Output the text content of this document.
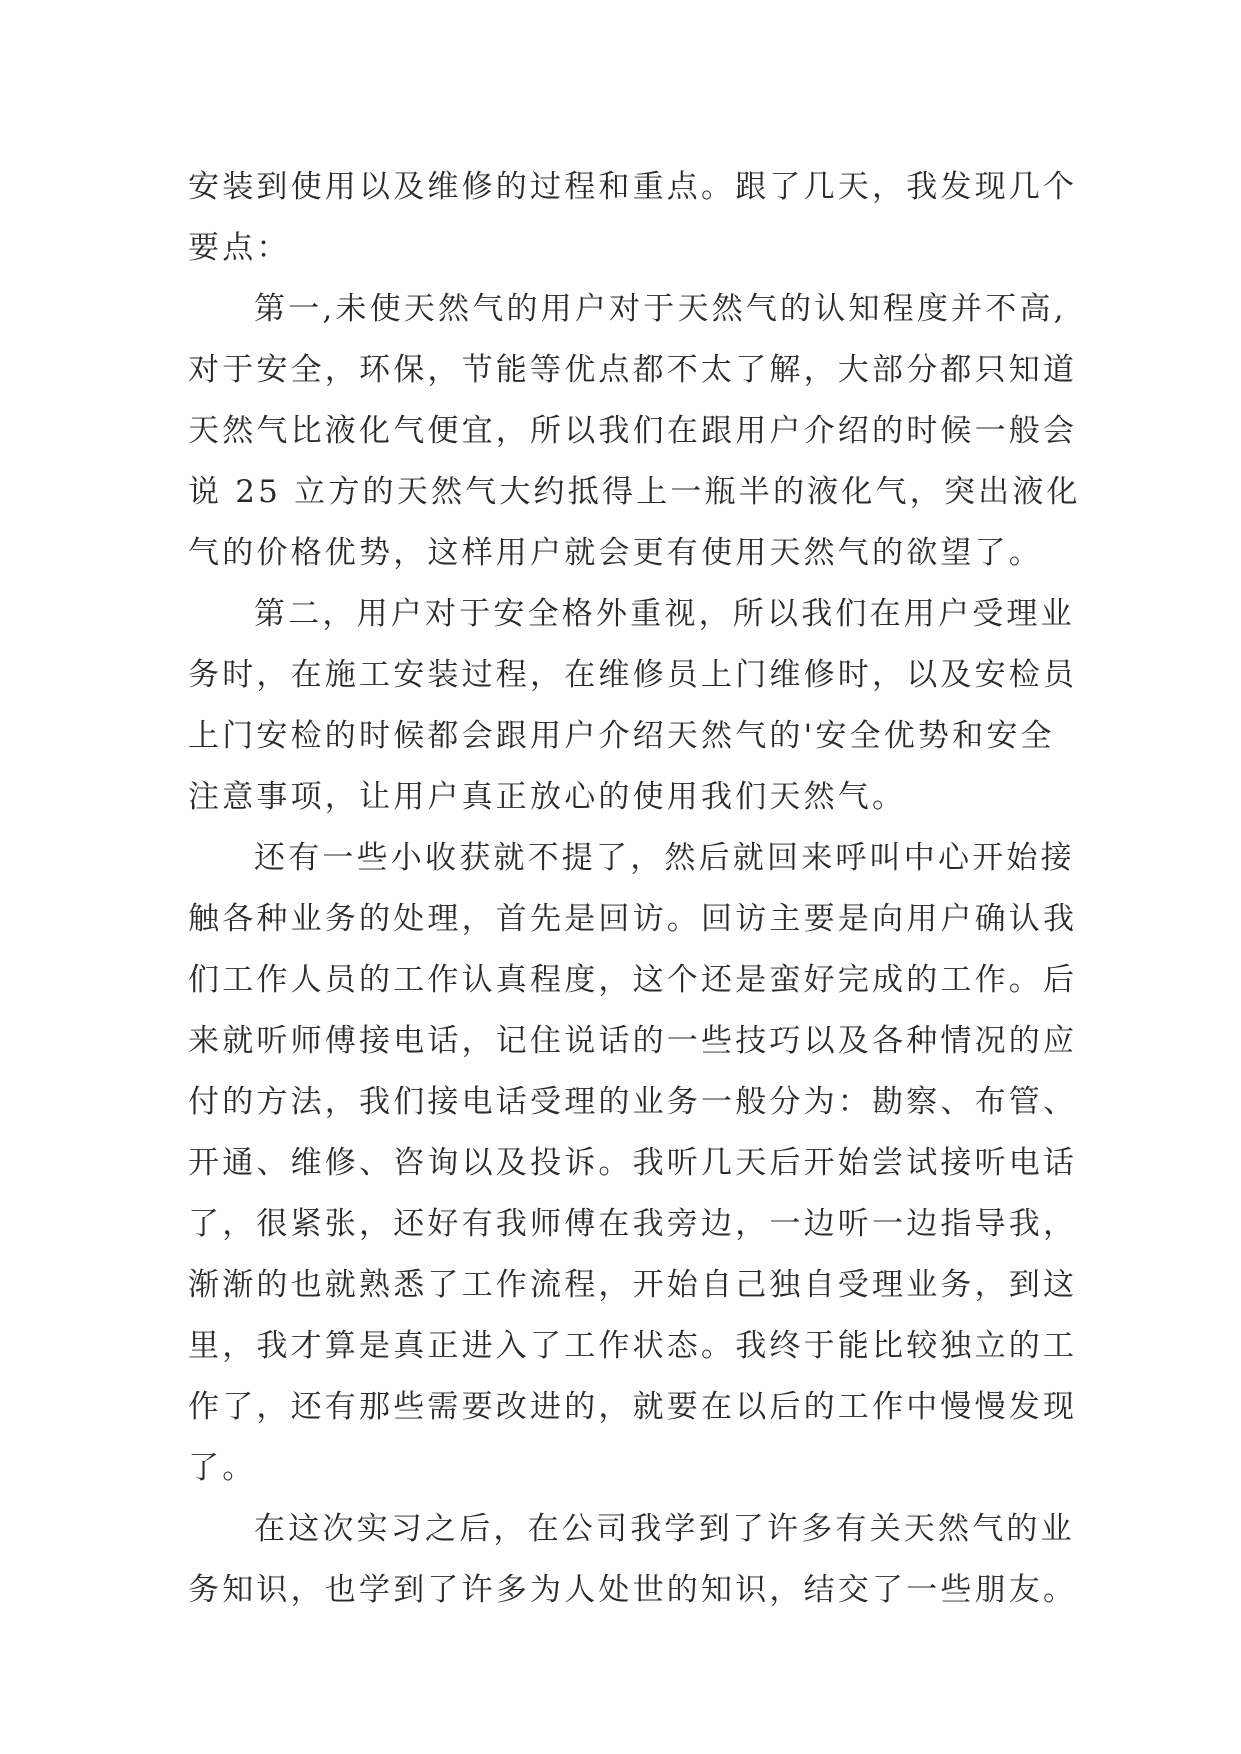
安装到使用以及维修的过程和重点。跟了几天，我发现几个
要点：
第一,未使天然气的用户对于天然气的认知程度并不高,
对于安全，环保，节能等优点都不太了解，大部分都只知道
天然气比液化气便宜，所以我们在跟用户介绍的时候一般会
说 25 立方的天然气大约抵得上一瓶半的液化气，突出液化
气的价格优势，这样用户就会更有使用天然气的欲望了。
第二，用户对于安全格外重视，所以我们在用户受理业
务时，在施工安装过程，在维修员上门维修时，以及安检员
上门安检的时候都会跟用户介绍天然气的'安全优势和安全
注意事项，让用户真正放心的使用我们天然气。
还有一些小收获就不提了，然后就回来呼叫中心开始接
触各种业务的处理，首先是回访。回访主要是向用户确认我
们工作人员的工作认真程度，这个还是蛮好完成的工作。后
来就听师傅接电话，记住说话的一些技巧以及各种情况的应
付的方法，我们接电话受理的业务一般分为：勘察、布管、
开通、维修、咨询以及投诉。我听几天后开始尝试接听电话
了，很紧张，还好有我师傅在我旁边，一边听一边指导我，
渐渐的也就熟悉了工作流程，开始自己独自受理业务，到这
里，我才算是真正进入了工作状态。我终于能比较独立的工
作了，还有那些需要改进的，就要在以后的工作中慢慢发现
了。
在这次实习之后，在公司我学到了许多有关天然气的业
务知识，也学到了许多为人处世的知识，结交了一些朋友。
